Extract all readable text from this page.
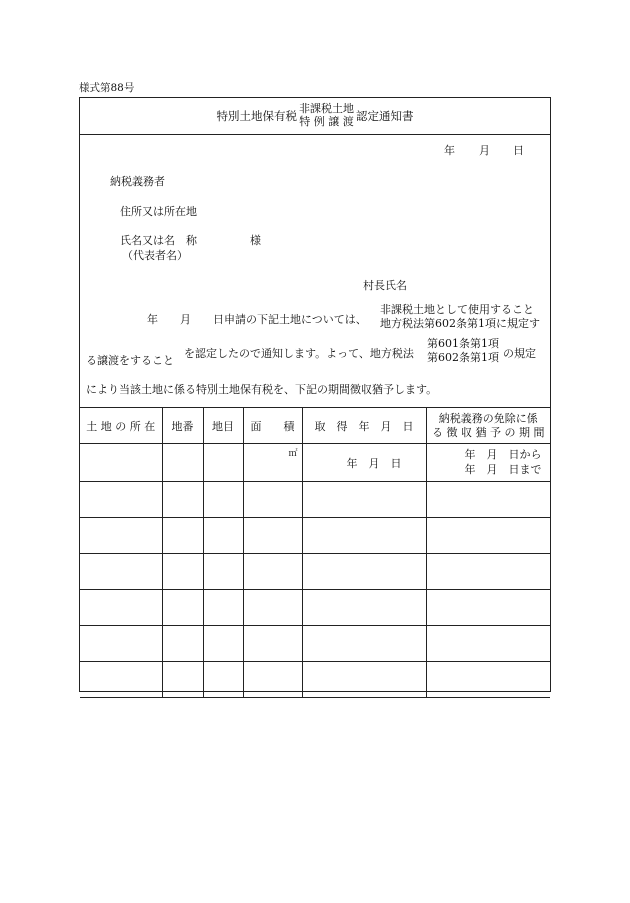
様式第88号
特別土地保有税
非課税土地
特 例 譲 渡 認定通知書
年 月 日
納税義務者
住所又は所在地
氏名又は名　称	様
（代表者名）
村長氏名
年 月 日申請の下記土地については、
非課税土地として使用すること
地方税法第602条第1項に規定す
る譲渡をすること
を認定したので通知します。よって、地方税法
第601条第1項
第602条第1項 の規定
により当該土地に係る特別土地保有税を、下記の期間徴収猶予します。
土 地 の 所 在	地番	地目	面　　積	取　得　年　月　日	納税義務の免除に係
る 徴 収 猶 予 の 期 間

			㎡	年　月　日	年　月　日から
年　月　日まで
